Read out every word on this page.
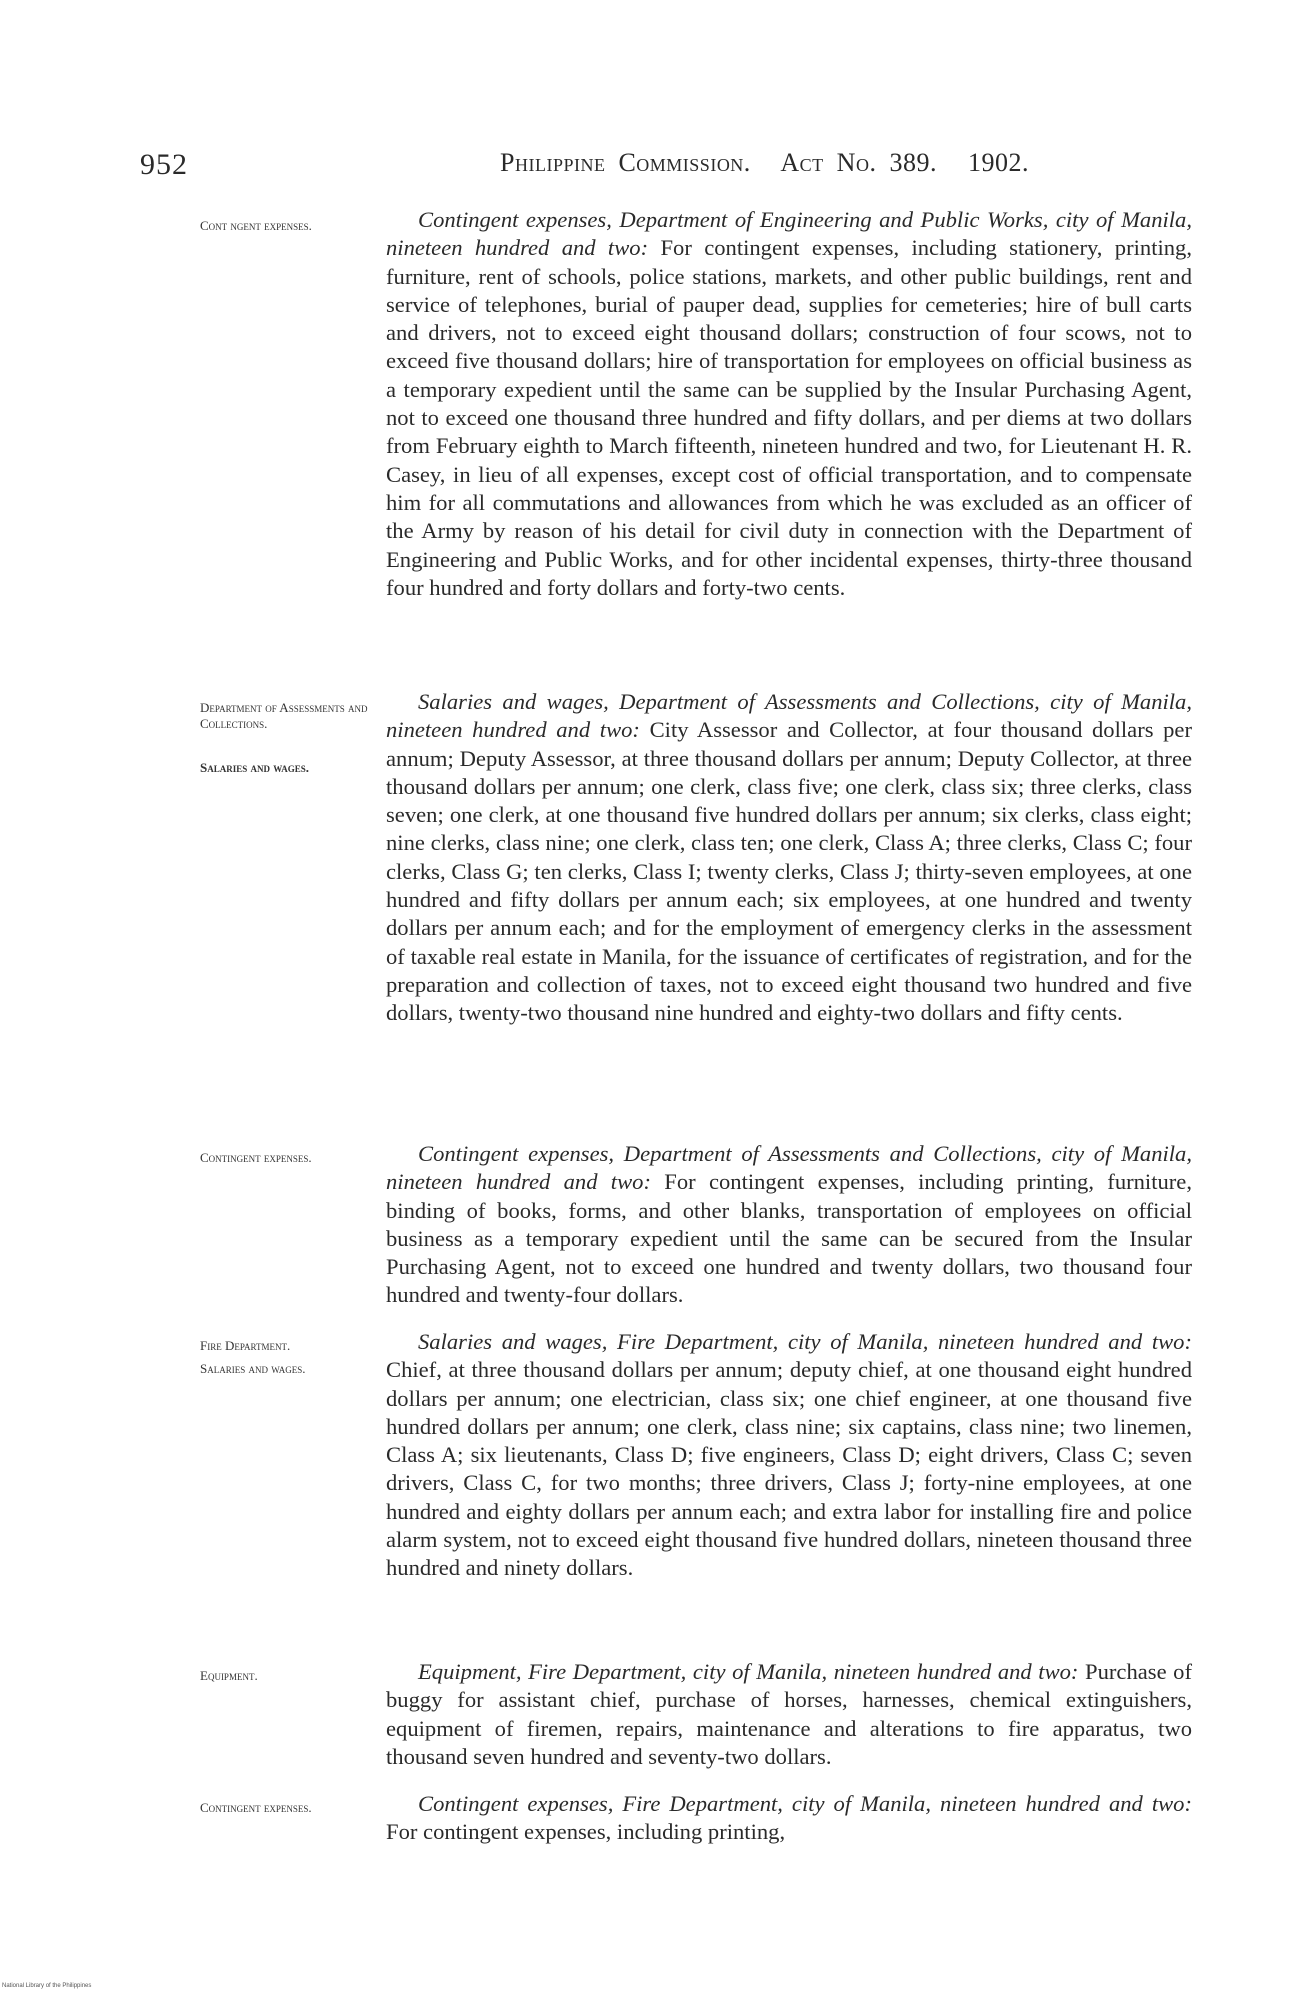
952	Philippine Commission. Act No. 389. 1902.
Cont ngent expenses.
Department of Assessments and Collections.
Salaries and wages.
Contingent expenses.
Fire Department.
Salaries and wages.
Equipment.
Contingent expenses.

Contingent expenses, Department of Engineering and Public Works, city of Manila, nineteen hundred and two: For contingent expenses, including stationery, printing, furniture, rent of schools, police stations, markets, and other public buildings, rent and service of telephones, burial of pauper dead, supplies for cemeteries; hire of bull carts and drivers, not to exceed eight thousand dollars; construction of four scows, not to exceed five thousand dollars; hire of transportation for employees on official business as a temporary expedient until the same can be supplied by the Insular Purchasing Agent, not to exceed one thousand three hundred and fifty dollars, and per diems at two dollars from February eighth to March fifteenth, nineteen hundred and two, for Lieutenant H. R. Casey, in lieu of all expenses, except cost of official transportation, and to compensate him for all commutations and allowances from which he was excluded as an officer of the Army by reason of his detail for civil duty in connection with the Department of Engineering and Public Works, and for other incidental expenses, thirty-three thousand four hundred and forty dollars and forty-two cents.

Salaries and wages, Department of Assessments and Collections, city of Manila, nineteen hundred and two: City Assessor and Collector, at four thousand dollars per annum; Deputy Assessor, at three thousand dollars per annum; Deputy Collector, at three thousand dollars per annum; one clerk, class five; one clerk, class six; three clerks, class seven; one clerk, at one thousand five hundred dollars per annum; six clerks, class eight; nine clerks, class nine; one clerk, class ten; one clerk, Class A; three clerks, Class C; four clerks, Class G; ten clerks, Class I; twenty clerks, Class J; thirty-seven employees, at one hundred and fifty dollars per annum each; six employees, at one hundred and twenty dollars per annum each; and for the employment of emergency clerks in the assessment of taxable real estate in Manila, for the issuance of certificates of registration, and for the preparation and collection of taxes, not to exceed eight thousand two hundred and five dollars, twenty-two thousand nine hundred and eighty-two dollars and fifty cents.

Contingent expenses, Department of Assessments and Collections, city of Manila, nineteen hundred and two: For contingent expenses, including printing, furniture, binding of books, forms, and other blanks, transportation of employees on official business as a temporary expedient until the same can be secured from the Insular Purchasing Agent, not to exceed one hundred and twenty dollars, two thousand four hundred and twenty-four dollars.

Salaries and wages, Fire Department, city of Manila, nineteen hundred and two: Chief, at three thousand dollars per annum; deputy chief, at one thousand eight hundred dollars per annum; one electrician, class six; one chief engineer, at one thousand five hundred dollars per annum; one clerk, class nine; six captains, class nine; two linemen, Class A; six lieutenants, Class D; five engineers, Class D; eight drivers, Class C; seven drivers, Class C, for two months; three drivers, Class J; forty-nine employees, at one hundred and eighty dollars per annum each; and extra labor for installing fire and police alarm system, not to exceed eight thousand five hundred dollars, nineteen thousand three hundred and ninety dollars.

Equipment, Fire Department, city of Manila, nineteen hundred and two: Purchase of buggy for assistant chief, purchase of horses, harnesses, chemical extinguishers, equipment of firemen, repairs, maintenance and alterations to fire apparatus, two thousand seven hundred and seventy-two dollars.

Contingent expenses, Fire Department, city of Manila, nineteen hundred and two: For contingent expenses, including printing,

National Library of the Philippines
